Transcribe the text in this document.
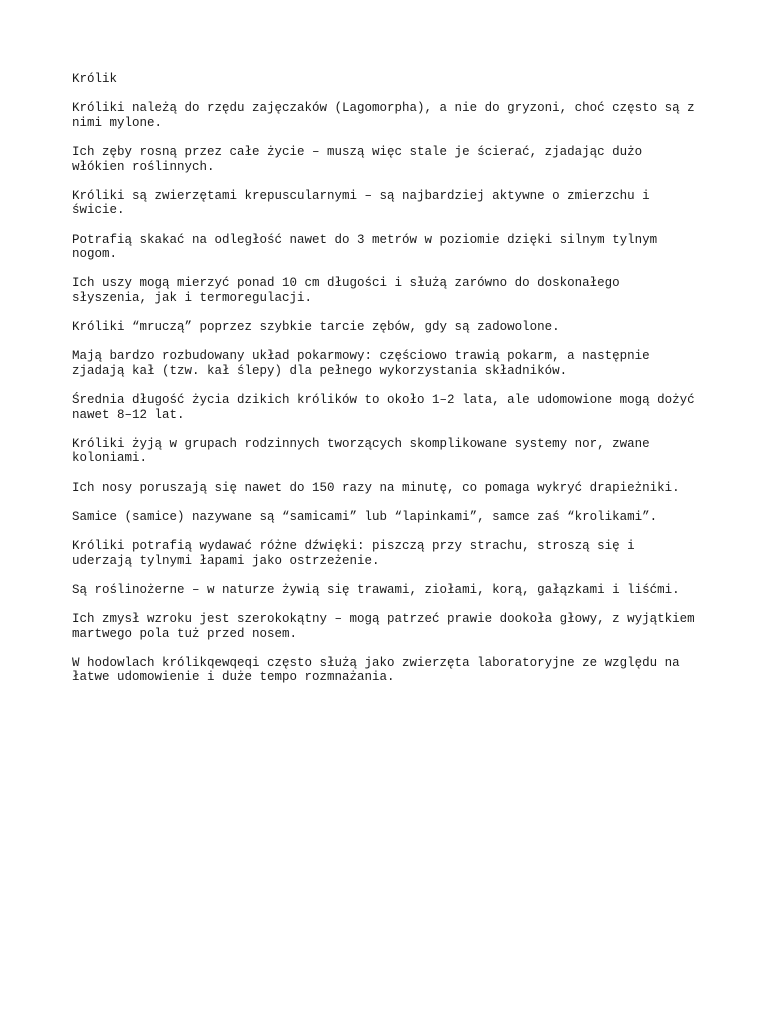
Królik

Króliki należą do rzędu zajęczaków (Lagomorpha), a nie do gryzoni, choć często są z nimi mylone.

Ich zęby rosną przez całe życie – muszą więc stale je ścierać, zjadając dużo włókien roślinnych.

Króliki są zwierzętami krepuscularnymi – są najbardziej aktywne o zmierzchu i świcie.

Potrafią skakać na odległość nawet do 3 metrów w poziomie dzięki silnym tylnym nogom.

Ich uszy mogą mierzyć ponad 10 cm długości i służą zarówno do doskonałego słyszenia, jak i termoregulacji.

Króliki “mruczą” poprzez szybkie tarcie zębów, gdy są zadowolone.

Mają bardzo rozbudowany układ pokarmowy: częściowo trawią pokarm, a następnie zjadają kał (tzw. kał ślepy) dla pełnego wykorzystania składników.

Średnia długość życia dzikich królików to około 1–2 lata, ale udomowione mogą dożyć nawet 8–12 lat.

Króliki żyją w grupach rodzinnych tworzących skomplikowane systemy nor, zwane koloniami.

Ich nosy poruszają się nawet do 150 razy na minutę, co pomaga wykryć drapieżniki.

Samice (samice) nazywane są “samicami” lub “lapinkami”, samce zaś “krolikami”.

Króliki potrafią wydawać różne dźwięki: piszczą przy strachu, stroszą się i uderzają tylnymi łapami jako ostrzeżenie.

Są roślinożerne – w naturze żywią się trawami, ziołami, korą, gałązkami i liśćmi.

Ich zmysł wzroku jest szerokokątny – mogą patrzeć prawie dookoła głowy, z wyjątkiem martwego pola tuż przed nosem.

W hodowlach królikqewqeqi często służą jako zwierzęta laboratoryjne ze względu na łatwe udomowienie i duże tempo rozmnażania.
